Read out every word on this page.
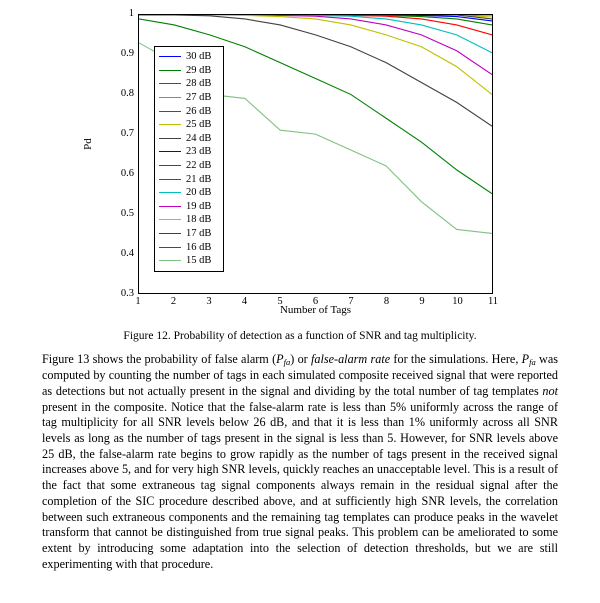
1
0.9
0.8
0.7
0.6
0.5
0.4
0.3
Pd
30 dB
29 dB
28 dB
27 dB
26 dB
25 dB
24 dB
23 dB
22 dB
21 dB
20 dB
19 dB
18 dB
17 dB
16 dB
15 dB
1	2	3	4	5	6	7	8	9	10 11
Number of Tags
Figure 12. Probability of detection as a function of SNR and tag multiplicity.

Figure 13 shows the probability of false alarm $(P_{fa})$ or false-alarm rate for the simulations. Here, $P_{fa}$ was computed by counting the number of tags in each simulated composite received signal that were reported as detections but not actually present in the signal and dividing by the total number of tag templates not present in the composite. Notice that the false-alarm rate is less than 5% uniformly across the range of tag multiplicity for all SNR levels below 26 dB, and that it is less than 1% uniformly across all SNR levels as long as the number of tags present in the signal is less than 5. However, for SNR levels above 25 dB, the false-alarm rate begins to grow rapidly as the number of tags present in the received signal increases above 5, and for very high SNR levels, quickly reaches an unacceptable level. This is a result of the fact that some extraneous tag signal components always remain in the residual signal after the completion of the SIC procedure described above, and at sufficiently high SNR levels, the correlation between such extraneous components and the remaining tag templates can produce peaks in the wavelet transform that cannot be distinguished from true signal peaks. This problem can be ameliorated to some extent by introducing some adaptation into the selection of detection thresholds, but we are still experimenting with that procedure.
